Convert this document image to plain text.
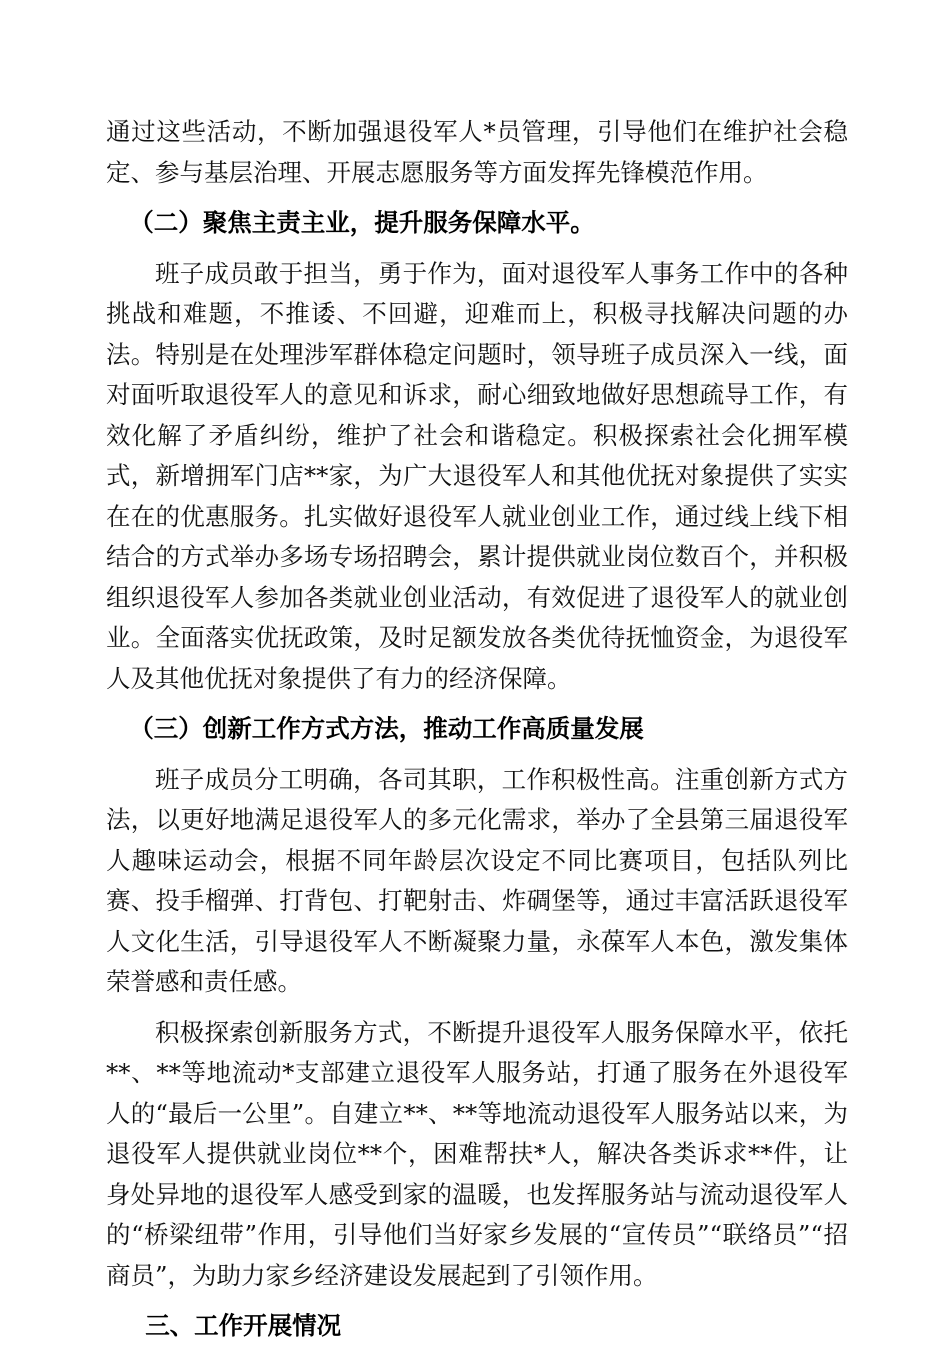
通过这些活动，不断加强退役军人*员管理，引导他们在维护社会稳定、参与基层治理、开展志愿服务等方面发挥先锋模范作用。

（二）聚焦主责主业，提升服务保障水平。

班子成员敢于担当，勇于作为，面对退役军人事务工作中的各种挑战和难题，不推诿、不回避，迎难而上，积极寻找解决问题的办法。特别是在处理涉军群体稳定问题时，领导班子成员深入一线，面对面听取退役军人的意见和诉求，耐心细致地做好思想疏导工作，有效化解了矛盾纠纷，维护了社会和谐稳定。积极探索社会化拥军模式，新增拥军门店**家，为广大退役军人和其他优抚对象提供了实实在在的优惠服务。扎实做好退役军人就业创业工作，通过线上线下相结合的方式举办多场专场招聘会，累计提供就业岗位数百个，并积极组织退役军人参加各类就业创业活动，有效促进了退役军人的就业创业。全面落实优抚政策，及时足额发放各类优待抚恤资金，为退役军人及其他优抚对象提供了有力的经济保障。

（三）创新工作方式方法，推动工作高质量发展

班子成员分工明确，各司其职，工作积极性高。注重创新方式方法，以更好地满足退役军人的多元化需求，举办了全县第三届退役军人趣味运动会，根据不同年龄层次设定不同比赛项目，包括队列比赛、投手榴弹、打背包、打靶射击、炸碉堡等，通过丰富活跃退役军人文化生活，引导退役军人不断凝聚力量，永葆军人本色，激发集体荣誉感和责任感。

积极探索创新服务方式，不断提升退役军人服务保障水平，依托**、**等地流动*支部建立退役军人服务站，打通了服务在外退役军人的“最后一公里”。自建立**、**等地流动退役军人服务站以来，为退役军人提供就业岗位**个，困难帮扶*人，解决各类诉求**件，让身处异地的退役军人感受到家的温暖，也发挥服务站与流动退役军人的“桥梁纽带”作用，引导他们当好家乡发展的“宣传员”“联络员”“招商员”，为助力家乡经济建设发展起到了引领作用。

三、工作开展情况
